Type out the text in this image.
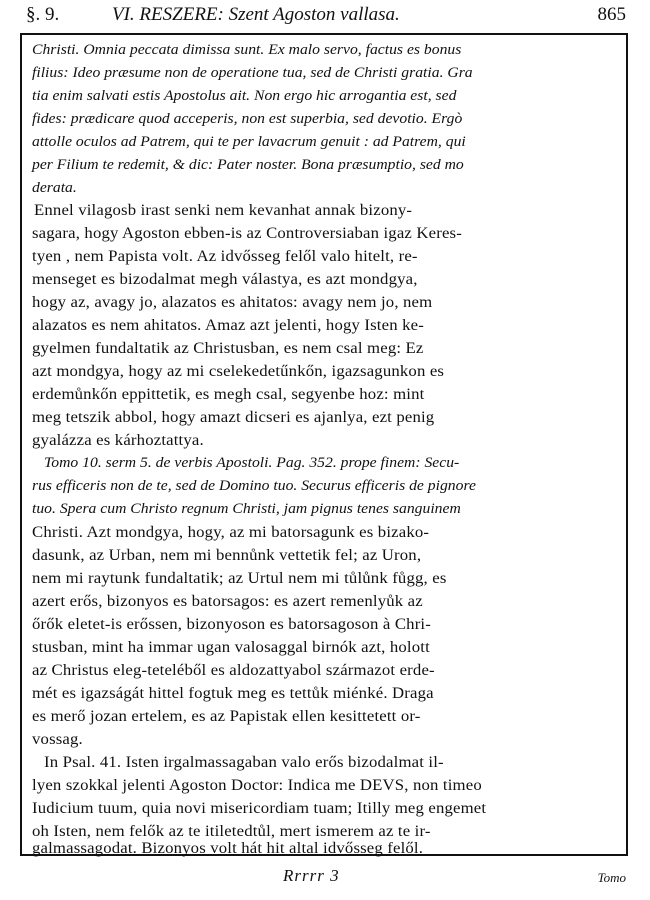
§. 9.	VI. RESZERE: Szent Agoston vallasa.	865
Christi. Omnia peccata dimissa sunt. Ex malo servo, factus es bonus
filius: Ideo præsume non de operatione tua, sed de Christi gratia. Gra
tia enim salvati estis Apostolus ait. Non ergo hic arrogantia est, sed
fides: prædicare quod acceperis, non est superbia, sed devotio. Ergò
attolle oculos ad Patrem, qui te per lavacrum genuit : ad Patrem, qui
per Filium te redemit, & dic: Pater noster. Bona præsumptio, sed mo
derata.
Ennel vilagosb irast senki nem kevanhat annak bizony-
sagara, hogy Agoston ebben-is az Controversiaban igaz Keres-
tyen , nem Papista volt. Az idvősseg felől valo hitelt, re-
menseget es bizodalmat megh válastya, es azt mondgya,
hogy az, avagy jo, alazatos es ahitatos: avagy nem jo, nem
alazatos es nem ahitatos. Amaz azt jelenti, hogy Isten ke-
gyelmen fundaltatik az Christusban, es nem csal meg: Ez
azt mondgya, hogy az mi cselekedetűnkőn, igazsagunkon es
erdemůnkőn eppittetik, es megh csal, segyenbe hoz: mint
meg tetszik abbol, hogy amazt dicseri es ajanlya, ezt penig
gyalázza es kárhoztattya.
Tomo 10. serm 5. de verbis Apostoli. Pag. 352. prope finem: Secu-
rus efficeris non de te, sed de Domino tuo. Securus efficeris de pignore
tuo. Spera cum Christo regnum Christi, jam pignus tenes sanguinem
Christi. Azt mondgya, hogy, az mi batorsagunk es bizako-
dasunk, az Urban, nem mi bennůnk vettetik fel; az Uron,
nem mi raytunk fundaltatik; az Urtul nem mi tůlůnk fůgg, es
azert erős, bizonyos es batorsagos: es azert remenlyůk az
őrők eletet-is erőssen, bizonyoson es batorsagoson à Chri-
stusban, mint ha immar ugan valosaggal birnók azt, holott
az Christus eleg-teteléből es aldozattyabol származot erde-
mét es igazságát hittel fogtuk meg es tettůk miénké. Draga
es merő jozan ertelem, es az Papistak ellen kesittetett or-
vossag.
In Psal. 41. Isten irgalmassagaban valo erős bizodalmat il-
lyen szokkal jelenti Agoston Doctor: Indica me DEVS, non timeo
Iudicium tuum, quia novi misericordiam tuam; Itilly meg engemet
oh Isten, nem felők az te itiletedtůl, mert ismerem az te ir-
galmassagodat. Bizonyos volt hát hit altal idvősseg felől.
Rrrrr 3	Tomo
